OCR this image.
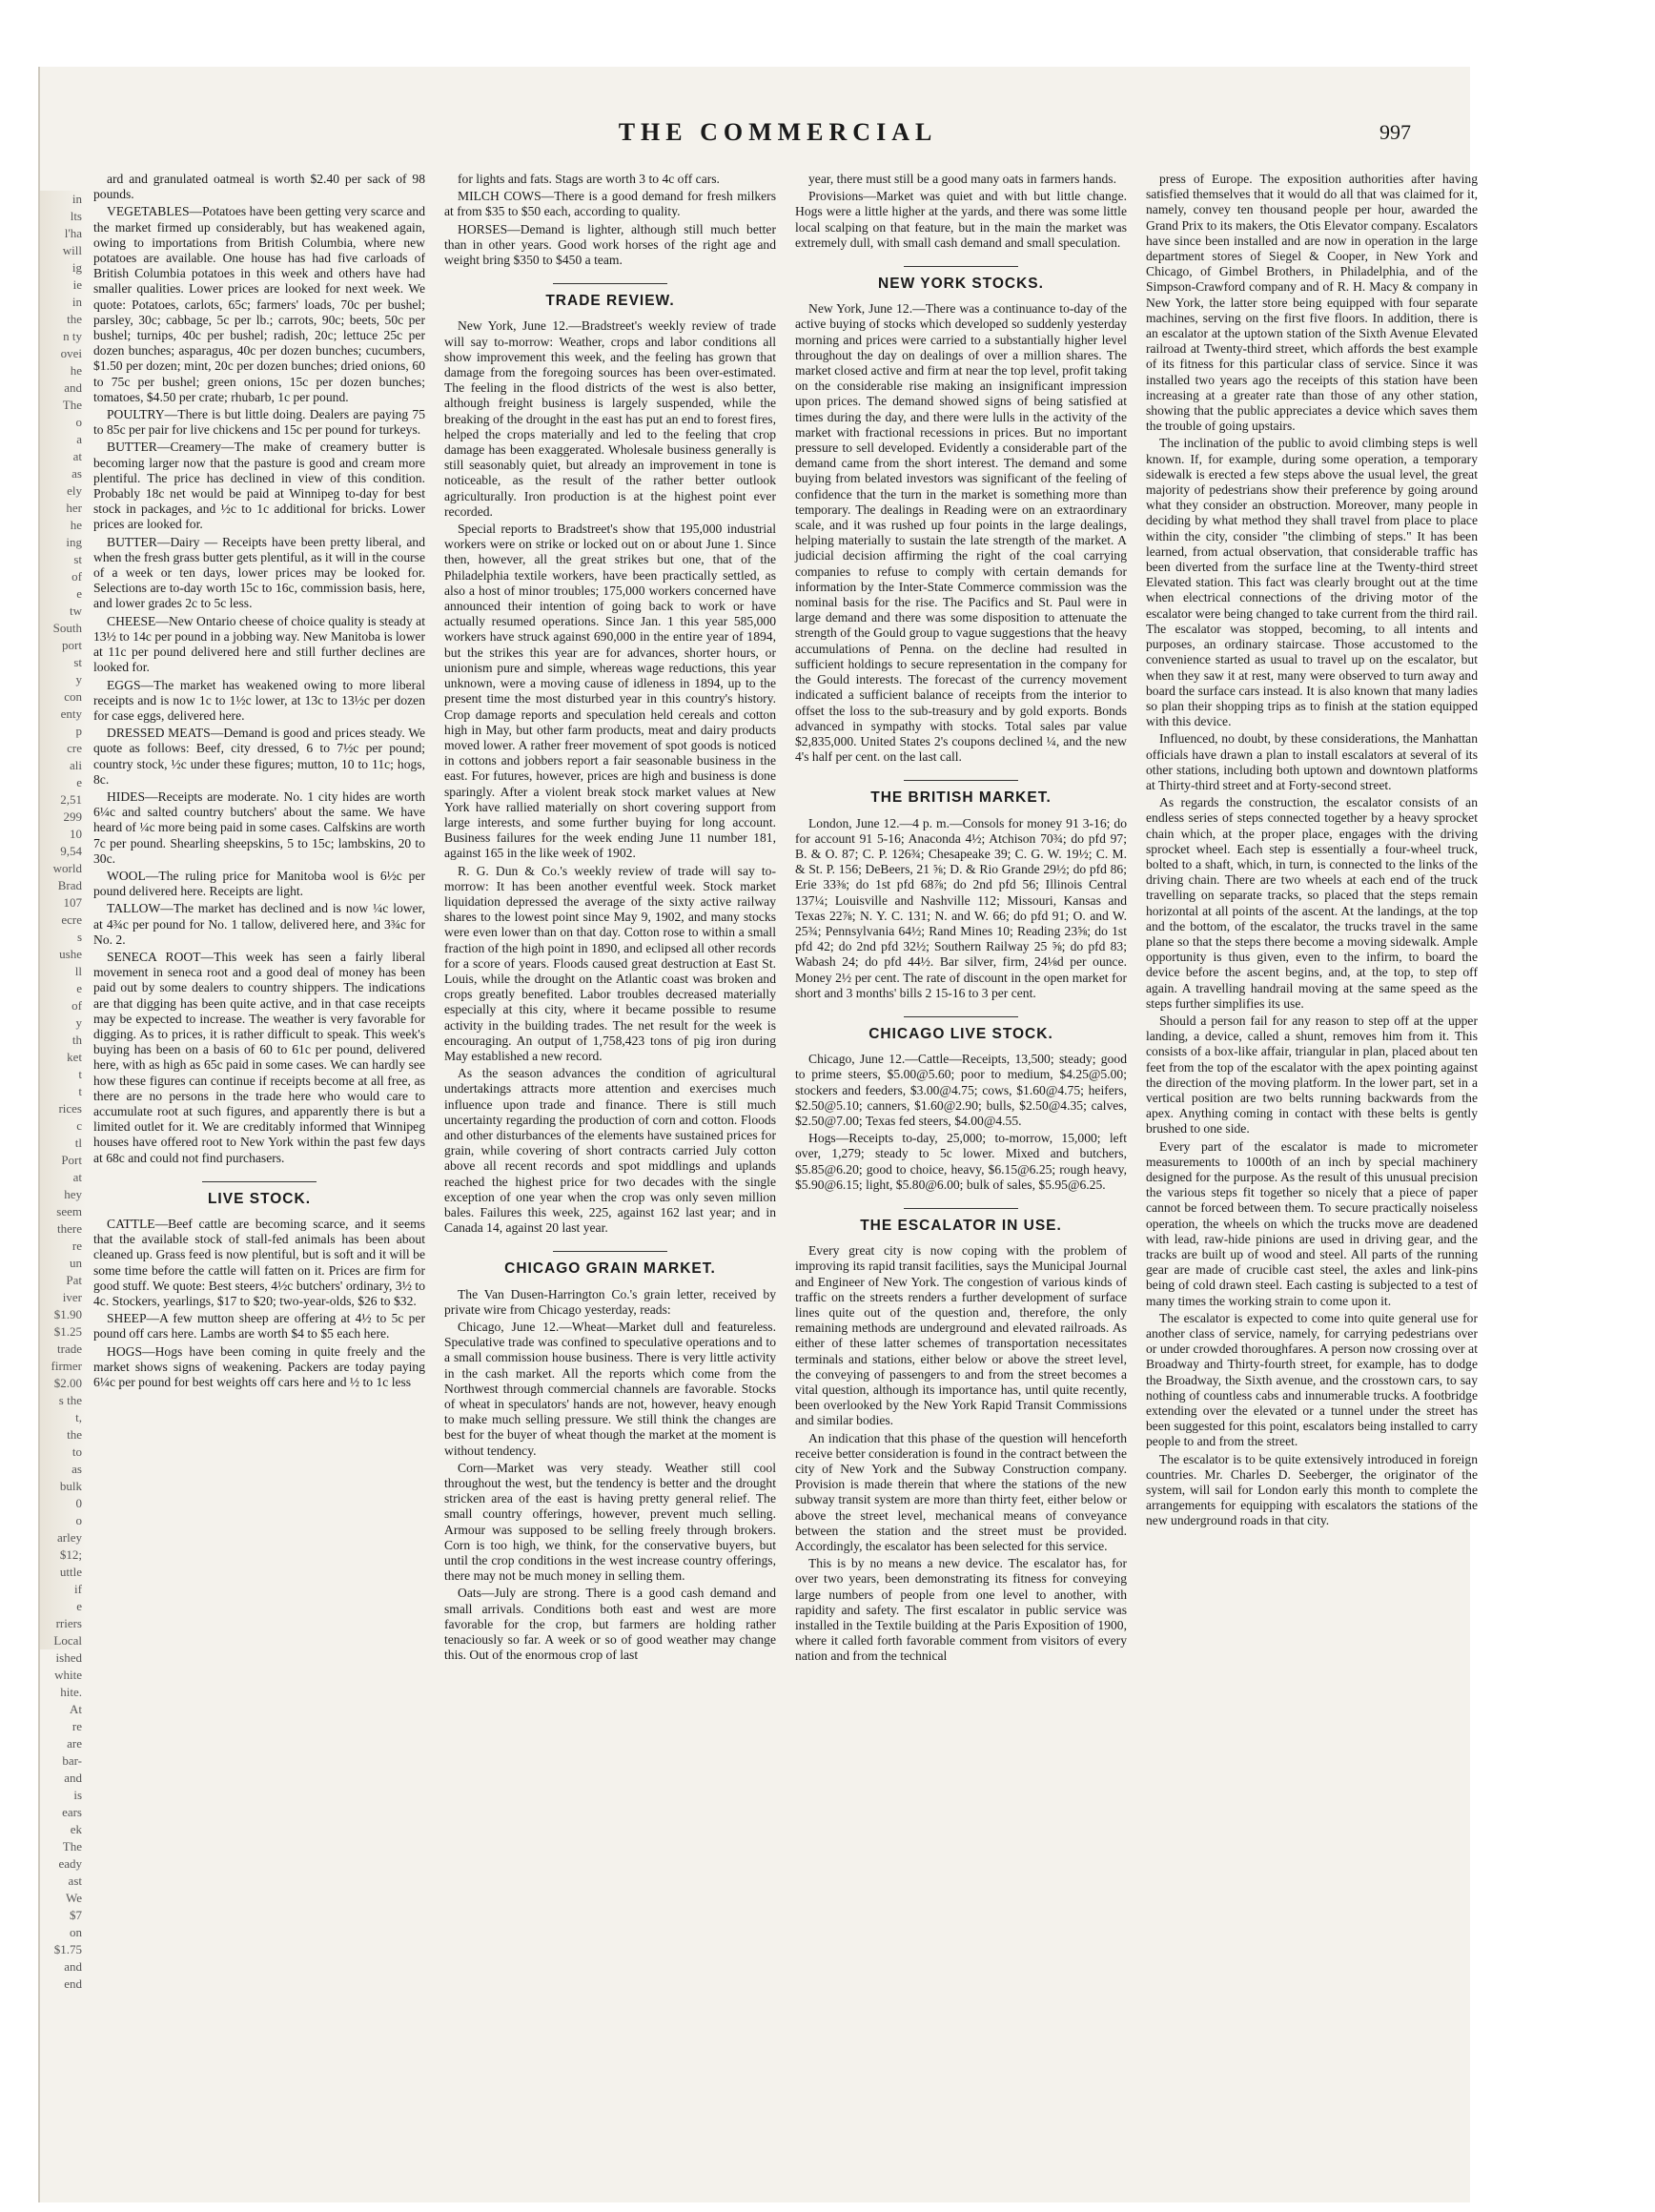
in
lts
l'ha
will
ig
ie
in
the
n ty
ovei
he
and
The
o
a
at
as
ely
her
he
ing
st
of
e
tw
South
port
st
y
con
enty
p
cre
ali
e
2,51
299
10
9,54
world
Brad
107
ecre
s
ushe
ll
e
of
y
th
ket
t
t
rices
c
tl
Port
at
hey
seem
there
re
un
Pat
iver
$1.90
$1.25
trade
firmer
$2.00
s the
t,
the
to
as
bulk
0
o
arley
$12;
uttle
if
e
rriers
Local
ished
white
hite.
At
re
are
bar-
and
is
ears
ek
The
eady
ast
We
$7
on
$1.75
and
end
THE COMMERCIAL	997

ard and granulated oatmeal is worth $2.40 per sack of 98 pounds.

VEGETABLES—Potatoes have been getting very scarce and the market firmed up considerably, but has weakened again, owing to importations from British Columbia, where new potatoes are available. One house has had five carloads of British Columbia potatoes in this week and others have had smaller qualities. Lower prices are looked for next week. We quote: Potatoes, carlots, 65c; farmers' loads, 70c per bushel; parsley, 30c; cabbage, 5c per lb.; carrots, 90c; beets, 50c per bushel; turnips, 40c per bushel; radish, 20c; lettuce 25c per dozen bunches; asparagus, 40c per dozen bunches; cucumbers, $1.50 per dozen; mint, 20c per dozen bunches; dried onions, 60 to 75c per bushel; green onions, 15c per dozen bunches; tomatoes, $4.50 per crate; rhubarb, 1c per pound.

POULTRY—There is but little doing. Dealers are paying 75 to 85c per pair for live chickens and 15c per pound for turkeys.

BUTTER—Creamery—The make of creamery butter is becoming larger now that the pasture is good and cream more plentiful. The price has declined in view of this condition. Probably 18c net would be paid at Winnipeg to-day for best stock in packages, and ½c to 1c additional for bricks. Lower prices are looked for.

BUTTER—Dairy — Receipts have been pretty liberal, and when the fresh grass butter gets plentiful, as it will in the course of a week or ten days, lower prices may be looked for. Selections are to-day worth 15c to 16c, commission basis, here, and lower grades 2c to 5c less.

CHEESE—New Ontario cheese of choice quality is steady at 13½ to 14c per pound in a jobbing way. New Manitoba is lower at 11c per pound delivered here and still further declines are looked for.

EGGS—The market has weakened owing to more liberal receipts and is now 1c to 1½c lower, at 13c to 13½c per dozen for case eggs, delivered here.

DRESSED MEATS—Demand is good and prices steady. We quote as follows: Beef, city dressed, 6 to 7½c per pound; country stock, ½c under these figures; mutton, 10 to 11c; hogs, 8c.

HIDES—Receipts are moderate. No. 1 city hides are worth 6¼c and salted country butchers' about the same. We have heard of ¼c more being paid in some cases. Calfskins are worth 7c per pound. Shearling sheepskins, 5 to 15c; lambskins, 20 to 30c.

WOOL—The ruling price for Manitoba wool is 6½c per pound delivered here. Receipts are light.

TALLOW—The market has declined and is now ¼c lower, at 4¾c per pound for No. 1 tallow, delivered here, and 3¾c for No. 2.

SENECA ROOT—This week has seen a fairly liberal movement in seneca root and a good deal of money has been paid out by some dealers to country shippers. The indications are that digging has been quite active, and in that case receipts may be expected to increase. The weather is very favorable for digging. As to prices, it is rather difficult to speak. This week's buying has been on a basis of 60 to 61c per pound, delivered here, with as high as 65c paid in some cases. We can hardly see how these figures can continue if receipts become at all free, as there are no persons in the trade here who would care to accumulate root at such figures, and apparently there is but a limited outlet for it. We are creditably informed that Winnipeg houses have offered root to New York within the past few days at 68c and could not find purchasers.

LIVE STOCK.

CATTLE—Beef cattle are becoming scarce, and it seems that the available stock of stall-fed animals has been about cleaned up. Grass feed is now plentiful, but is soft and it will be some time before the cattle will fatten on it. Prices are firm for good stuff. We quote: Best steers, 4½c butchers' ordinary, 3½ to 4c. Stockers, yearlings, $17 to $20; two-year-olds, $26 to $32.

SHEEP—A few mutton sheep are offering at 4½ to 5c per pound off cars here. Lambs are worth $4 to $5 each here.

HOGS—Hogs have been coming in quite freely and the market shows signs of weakening. Packers are today paying 6¼c per pound for best weights off cars here and ½ to 1c less

for lights and fats. Stags are worth 3 to 4c off cars.

MILCH COWS—There is a good demand for fresh milkers at from $35 to $50 each, according to quality.

HORSES—Demand is lighter, although still much better than in other years. Good work horses of the right age and weight bring $350 to $450 a team.

TRADE REVIEW.

New York, June 12.—Bradstreet's weekly review of trade will say to-morrow: Weather, crops and labor conditions all show improvement this week, and the feeling has grown that damage from the foregoing sources has been over-estimated. The feeling in the flood districts of the west is also better, although freight business is largely suspended, while the breaking of the drought in the east has put an end to forest fires, helped the crops materially and led to the feeling that crop damage has been exaggerated. Wholesale business generally is still seasonably quiet, but already an improvement in tone is noticeable, as the result of the rather better outlook agriculturally. Iron production is at the highest point ever recorded.

Special reports to Bradstreet's show that 195,000 industrial workers were on strike or locked out on or about June 1. Since then, however, all the great strikes but one, that of the Philadelphia textile workers, have been practically settled, as also a host of minor troubles; 175,000 workers concerned have announced their intention of going back to work or have actually resumed operations. Since Jan. 1 this year 585,000 workers have struck against 690,000 in the entire year of 1894, but the strikes this year are for advances, shorter hours, or unionism pure and simple, whereas wage reductions, this year unknown, were a moving cause of idleness in 1894, up to the present time the most disturbed year in this country's history. Crop damage reports and speculation held cereals and cotton high in May, but other farm products, meat and dairy products moved lower. A rather freer movement of spot goods is noticed in cottons and jobbers report a fair seasonable business in the east. For futures, however, prices are high and business is done sparingly. After a violent break stock market values at New York have rallied materially on short covering support from large interests, and some further buying for long account. Business failures for the week ending June 11 number 181, against 165 in the like week of 1902.

R. G. Dun & Co.'s weekly review of trade will say to-morrow: It has been another eventful week. Stock market liquidation depressed the average of the sixty active railway shares to the lowest point since May 9, 1902, and many stocks were even lower than on that day. Cotton rose to within a small fraction of the high point in 1890, and eclipsed all other records for a score of years. Floods caused great destruction at East St. Louis, while the drought on the Atlantic coast was broken and crops greatly benefited. Labor troubles decreased materially especially at this city, where it became possible to resume activity in the building trades. The net result for the week is encouraging. An output of 1,758,423 tons of pig iron during May established a new record.

As the season advances the condition of agricultural undertakings attracts more attention and exercises much influence upon trade and finance. There is still much uncertainty regarding the production of corn and cotton. Floods and other disturbances of the elements have sustained prices for grain, while covering of short contracts carried July cotton above all recent records and spot middlings and uplands reached the highest price for two decades with the single exception of one year when the crop was only seven million bales. Failures this week, 225, against 162 last year; and in Canada 14, against 20 last year.

CHICAGO GRAIN MARKET.

The Van Dusen-Harrington Co.'s grain letter, received by private wire from Chicago yesterday, reads:

Chicago, June 12.—Wheat—Market dull and featureless. Speculative trade was confined to speculative operations and to a small commission house business. There is very little activity in the cash market. All the reports which come from the Northwest through commercial channels are favorable. Stocks of wheat in speculators' hands are not, however, heavy enough to make much selling pressure. We still think the changes are best for the buyer of wheat though the market at the moment is without tendency.

Corn—Market was very steady. Weather still cool throughout the west, but the tendency is better and the drought stricken area of the east is having pretty general relief. The small country offerings, however, prevent much selling. Armour was supposed to be selling freely through brokers. Corn is too high, we think, for the conservative buyers, but until the crop conditions in the west increase country offerings, there may not be much money in selling them.

Oats—July are strong. There is a good cash demand and small arrivals. Conditions both east and west are more favorable for the crop, but farmers are holding rather tenaciously so far. A week or so of good weather may change this. Out of the enormous crop of last

year, there must still be a good many oats in farmers hands.

Provisions—Market was quiet and with but little change. Hogs were a little higher at the yards, and there was some little local scalping on that feature, but in the main the market was extremely dull, with small cash demand and small speculation.

NEW YORK STOCKS.

New York, June 12.—There was a continuance to-day of the active buying of stocks which developed so suddenly yesterday morning and prices were carried to a substantially higher level throughout the day on dealings of over a million shares. The market closed active and firm at near the top level, profit taking on the considerable rise making an insignificant impression upon prices. The demand showed signs of being satisfied at times during the day, and there were lulls in the activity of the market with fractional recessions in prices. But no important pressure to sell developed. Evidently a considerable part of the demand came from the short interest. The demand and some buying from belated investors was significant of the feeling of confidence that the turn in the market is something more than temporary. The dealings in Reading were on an extraordinary scale, and it was rushed up four points in the large dealings, helping materially to sustain the late strength of the market. A judicial decision affirming the right of the coal carrying companies to refuse to comply with certain demands for information by the Inter-State Commerce commission was the nominal basis for the rise. The Pacifics and St. Paul were in large demand and there was some disposition to attenuate the strength of the Gould group to vague suggestions that the heavy accumulations of Penna. on the decline had resulted in sufficient holdings to secure representation in the company for the Gould interests. The forecast of the currency movement indicated a sufficient balance of receipts from the interior to offset the loss to the sub-treasury and by gold exports. Bonds advanced in sympathy with stocks. Total sales par value $2,835,000. United States 2's coupons declined ¼, and the new 4's half per cent. on the last call.

THE BRITISH MARKET.

London, June 12.—4 p. m.—Consols for money 91 3-16; do for account 91 5-16; Anaconda 4½; Atchison 70¾; do pfd 97; B. & O. 87; C. P. 126¾; Chesapeake 39; C. G. W. 19½; C. M. & St. P. 156; DeBeers, 21 ⅝; D. & Rio Grande 29½; do pfd 86; Erie 33⅜; do 1st pfd 68⅞; do 2nd pfd 56; Illinois Central 137¼; Louisville and Nashville 112; Missouri, Kansas and Texas 22⅞; N. Y. C. 131; N. and W. 66; do pfd 91; O. and W. 25¾; Pennsylvania 64½; Rand Mines 10; Reading 23⅝; do 1st pfd 42; do 2nd pfd 32½; Southern Railway 25 ⅝; do pfd 83; Wabash 24; do pfd 44½. Bar silver, firm, 24⅛d per ounce. Money 2½ per cent. The rate of discount in the open market for short and 3 months' bills 2 15-16 to 3 per cent.

CHICAGO LIVE STOCK.

Chicago, June 12.—Cattle—Receipts, 13,500; steady; good to prime steers, $5.00@5.60; poor to medium, $4.25@5.00; stockers and feeders, $3.00@4.75; cows, $1.60@4.75; heifers, $2.50@5.10; canners, $1.60@2.90; bulls, $2.50@4.35; calves, $2.50@7.00; Texas fed steers, $4.00@4.55.

Hogs—Receipts to-day, 25,000; to-morrow, 15,000; left over, 1,279; steady to 5c lower. Mixed and butchers, $5.85@6.20; good to choice, heavy, $6.15@6.25; rough heavy, $5.90@6.15; light, $5.80@6.00; bulk of sales, $5.95@6.25.

THE ESCALATOR IN USE.

Every great city is now coping with the problem of improving its rapid transit facilities, says the Municipal Journal and Engineer of New York. The congestion of various kinds of traffic on the streets renders a further development of surface lines quite out of the question and, therefore, the only remaining methods are underground and elevated railroads. As either of these latter schemes of transportation necessitates terminals and stations, either below or above the street level, the conveying of passengers to and from the street becomes a vital question, although its importance has, until quite recently, been overlooked by the New York Rapid Transit Commissions and similar bodies.

An indication that this phase of the question will henceforth receive better consideration is found in the contract between the city of New York and the Subway Construction company. Provision is made therein that where the stations of the new subway transit system are more than thirty feet, either below or above the street level, mechanical means of conveyance between the station and the street must be provided. Accordingly, the escalator has been selected for this service.

This is by no means a new device. The escalator has, for over two years, been demonstrating its fitness for conveying large numbers of people from one level to another, with rapidity and safety. The first escalator in public service was installed in the Textile building at the Paris Exposition of 1900, where it called forth favorable comment from visitors of every nation and from the technical

press of Europe. The exposition authorities after having satisfied themselves that it would do all that was claimed for it, namely, convey ten thousand people per hour, awarded the Grand Prix to its makers, the Otis Elevator company. Escalators have since been installed and are now in operation in the large department stores of Siegel & Cooper, in New York and Chicago, of Gimbel Brothers, in Philadelphia, and of the Simpson-Crawford company and of R. H. Macy & company in New York, the latter store being equipped with four separate machines, serving on the first five floors. In addition, there is an escalator at the uptown station of the Sixth Avenue Elevated railroad at Twenty-third street, which affords the best example of its fitness for this particular class of service. Since it was installed two years ago the receipts of this station have been increasing at a greater rate than those of any other station, showing that the public appreciates a device which saves them the trouble of going upstairs.

The inclination of the public to avoid climbing steps is well known. If, for example, during some operation, a temporary sidewalk is erected a few steps above the usual level, the great majority of pedestrians show their preference by going around what they consider an obstruction. Moreover, many people in deciding by what method they shall travel from place to place within the city, consider "the climbing of steps." It has been learned, from actual observation, that considerable traffic has been diverted from the surface line at the Twenty-third street Elevated station. This fact was clearly brought out at the time when electrical connections of the driving motor of the escalator were being changed to take current from the third rail. The escalator was stopped, becoming, to all intents and purposes, an ordinary staircase. Those accustomed to the convenience started as usual to travel up on the escalator, but when they saw it at rest, many were observed to turn away and board the surface cars instead. It is also known that many ladies so plan their shopping trips as to finish at the station equipped with this device.

Influenced, no doubt, by these considerations, the Manhattan officials have drawn a plan to install escalators at several of its other stations, including both uptown and downtown platforms at Thirty-third street and at Forty-second street.

As regards the construction, the escalator consists of an endless series of steps connected together by a heavy sprocket chain which, at the proper place, engages with the driving sprocket wheel. Each step is essentially a four-wheel truck, bolted to a shaft, which, in turn, is connected to the links of the driving chain. There are two wheels at each end of the truck travelling on separate tracks, so placed that the steps remain horizontal at all points of the ascent. At the landings, at the top and the bottom, of the escalator, the trucks travel in the same plane so that the steps there become a moving sidewalk. Ample opportunity is thus given, even to the infirm, to board the device before the ascent begins, and, at the top, to step off again. A travelling handrail moving at the same speed as the steps further simplifies its use.

Should a person fail for any reason to step off at the upper landing, a device, called a shunt, removes him from it. This consists of a box-like affair, triangular in plan, placed about ten feet from the top of the escalator with the apex pointing against the direction of the moving platform. In the lower part, set in a vertical position are two belts running backwards from the apex. Anything coming in contact with these belts is gently brushed to one side.

Every part of the escalator is made to micrometer measurements to 1000th of an inch by special machinery designed for the purpose. As the result of this unusual precision the various steps fit together so nicely that a piece of paper cannot be forced between them. To secure practically noiseless operation, the wheels on which the trucks move are deadened with lead, raw-hide pinions are used in driving gear, and the tracks are built up of wood and steel. All parts of the running gear are made of crucible cast steel, the axles and link-pins being of cold drawn steel. Each casting is subjected to a test of many times the working strain to come upon it.

The escalator is expected to come into quite general use for another class of service, namely, for carrying pedestrians over or under crowded thoroughfares. A person now crossing over at Broadway and Thirty-fourth street, for example, has to dodge the Broadway, the Sixth avenue, and the crosstown cars, to say nothing of countless cabs and innumerable trucks. A footbridge extending over the elevated or a tunnel under the street has been suggested for this point, escalators being installed to carry people to and from the street.

The escalator is to be quite extensively introduced in foreign countries. Mr. Charles D. Seeberger, the originator of the system, will sail for London early this month to complete the arrangements for equipping with escalators the stations of the new underground roads in that city.
